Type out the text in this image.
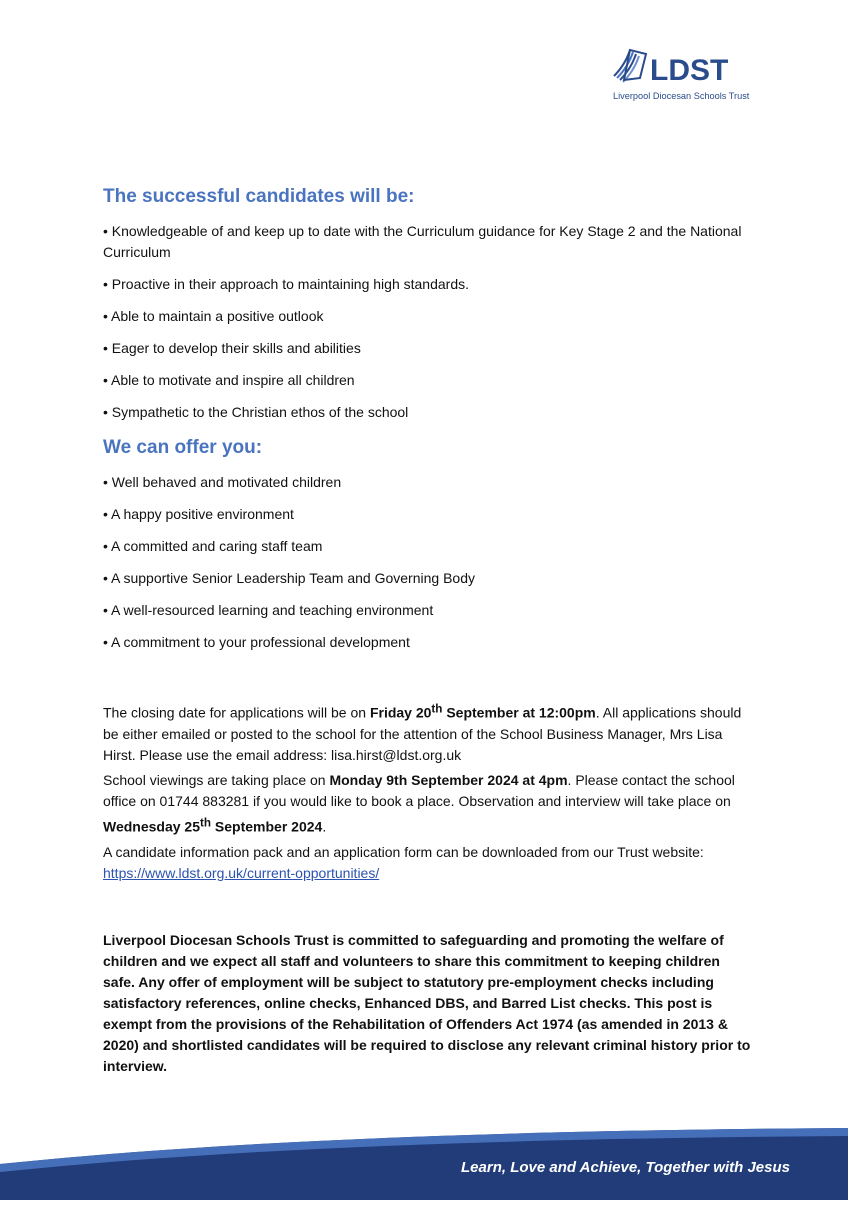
LDST
Liverpool Diocesan Schools Trust
The successful candidates will be:

• Knowledgeable of and keep up to date with the Curriculum guidance for Key Stage 2 and the National Curriculum

• Proactive in their approach to maintaining high standards.

• Able to maintain a positive outlook

• Eager to develop their skills and abilities

• Able to motivate and inspire all children

• Sympathetic to the Christian ethos of the school

We can offer you:

• Well behaved and motivated children

• A happy positive environment

• A committed and caring staff team

• A supportive Senior Leadership Team and Governing Body

• A well-resourced learning and teaching environment

• A commitment to your professional development

The closing date for applications will be on Friday 20th September at 12:00pm. All applications should be either emailed or posted to the school for the attention of the School Business Manager, Mrs Lisa Hirst. Please use the email address: lisa.hirst@ldst.org.uk

School viewings are taking place on Monday 9th September 2024 at 4pm. Please contact the school office on 01744 883281 if you would like to book a place. Observation and interview will take place on Wednesday 25th September 2024.

A candidate information pack and an application form can be downloaded from our Trust website:
https://www.ldst.org.uk/current-opportunities/

Liverpool Diocesan Schools Trust is committed to safeguarding and promoting the welfare of children and we expect all staff and volunteers to share this commitment to keeping children safe. Any offer of employment will be subject to statutory pre-employment checks including satisfactory references, online checks, Enhanced DBS, and Barred List checks. This post is exempt from the provisions of the Rehabilitation of Offenders Act 1974 (as amended in 2013 & 2020) and shortlisted candidates will be required to disclose any relevant criminal history prior to interview.

Learn, Love and Achieve, Together with Jesus
